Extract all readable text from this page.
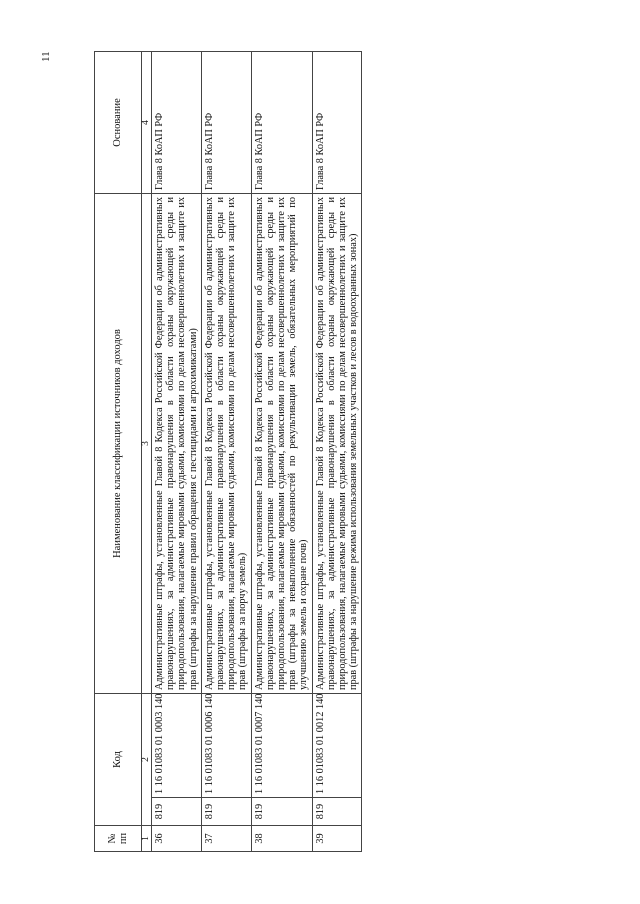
11
№
пп	Код		Наименование классификации источников доходов	Основание
1	2		3	4
36	819	1 16 01083 01 0003 140	Административные штрафы, установленные Главой 8 Кодекса Российской Федерации об административных правонарушениях, за административные правонарушения в области охраны окружающей среды и природопользования, налагаемые мировыми судьями, комиссиями по делам несовершеннолетних и защите их прав (штрафы за нарушение правил обращения с пестицидами и агрохимикатами)	Глава 8 КоАП РФ
37	819	1 16 01083 01 0006 140	Административные штрафы, установленные Главой 8 Кодекса Российской Федерации об административных правонарушениях, за административные правонарушения в области охраны окружающей среды и природопользования, налагаемые мировыми судьями, комиссиями по делам несовершеннолетних и защите их прав (штрафы за порчу земель)	Глава 8 КоАП РФ
38	819	1 16 01083 01 0007 140	Административные штрафы, установленные Главой 8 Кодекса Российской Федерации об административных правонарушениях, за административные правонарушения в области охраны окружающей среды и природопользования, налагаемые мировыми судьями, комиссиями по делам несовершеннолетних и защите их прав (штрафы за невыполнение обязанностей по рекультивации земель, обязательных мероприятий по улучшению земель и охране почв)	Глава 8 КоАП РФ
39	819	1 16 01083 01 0012 140	Административные штрафы, установленные Главой 8 Кодекса Российской Федерации об административных правонарушениях, за административные правонарушения в области охраны окружающей среды и природопользования, налагаемые мировыми судьями, комиссиями по делам несовершеннолетних и защите их прав (штрафы за нарушение режима использования земельных участков и лесов в водоохранных зонах)	Глава 8 КоАП РФ
